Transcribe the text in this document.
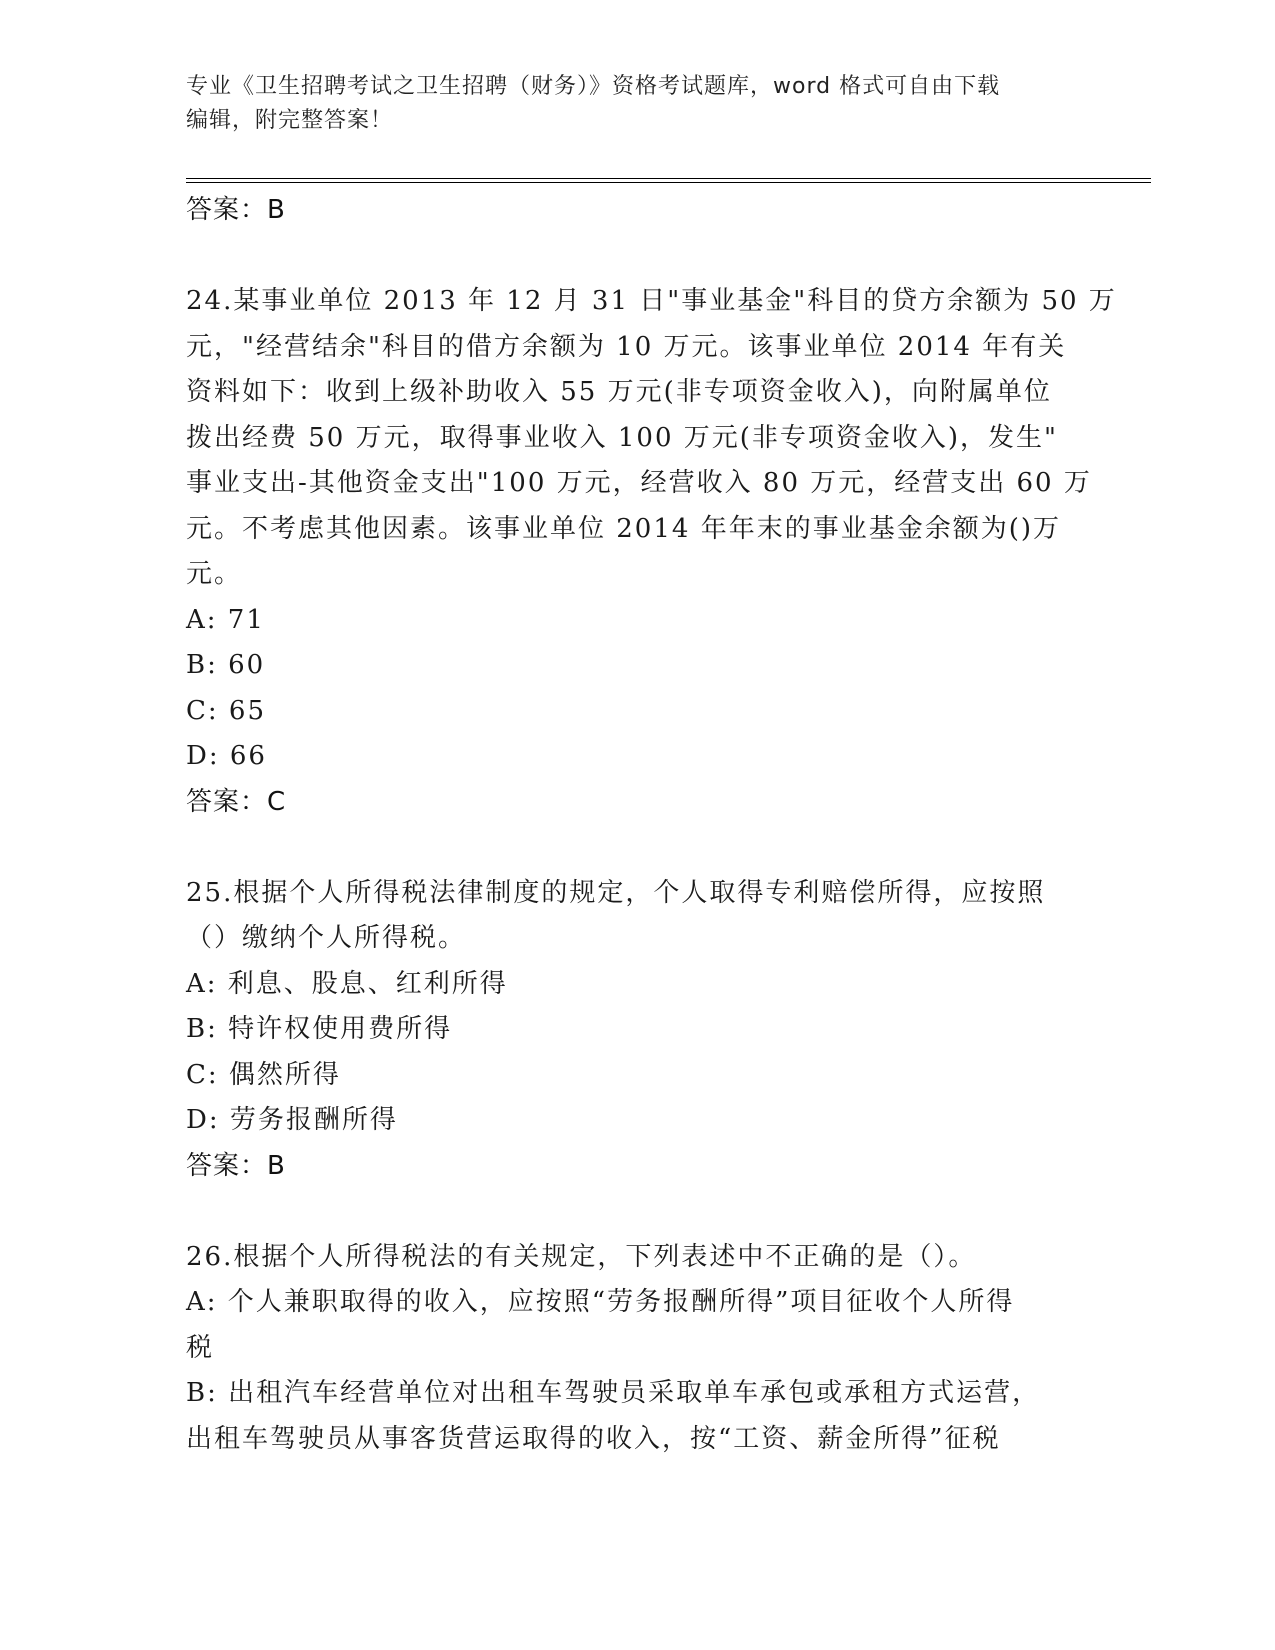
专业《卫生招聘考试之卫生招聘（财务）》资格考试题库，word 格式可自由下载
编辑，附完整答案！
答案：B
24.某事业单位 2013 年 12 月 31 日"事业基金"科目的贷方余额为 50 万
元，"经营结余"科目的借方余额为 10 万元。该事业单位 2014 年有关
资料如下：收到上级补助收入 55 万元(非专项资金收入)，向附属单位
拨出经费 50 万元，取得事业收入 100 万元(非专项资金收入)，发生"
事业支出-其他资金支出"100 万元，经营收入 80 万元，经营支出 60 万
元。不考虑其他因素。该事业单位 2014 年年末的事业基金余额为()万
元。
A: 71
B: 60
C: 65
D: 66
答案：C
25.根据个人所得税法律制度的规定，个人取得专利赔偿所得，应按照
（）缴纳个人所得税。
A: 利息、股息、红利所得
B: 特许权使用费所得
C: 偶然所得
D: 劳务报酬所得
答案：B
26.根据个人所得税法的有关规定，下列表述中不正确的是（）。
A: 个人兼职取得的收入，应按照“劳务报酬所得”项目征收个人所得
税
B: 出租汽车经营单位对出租车驾驶员采取单车承包或承租方式运营，
出租车驾驶员从事客货营运取得的收入，按“工资、薪金所得”征税
